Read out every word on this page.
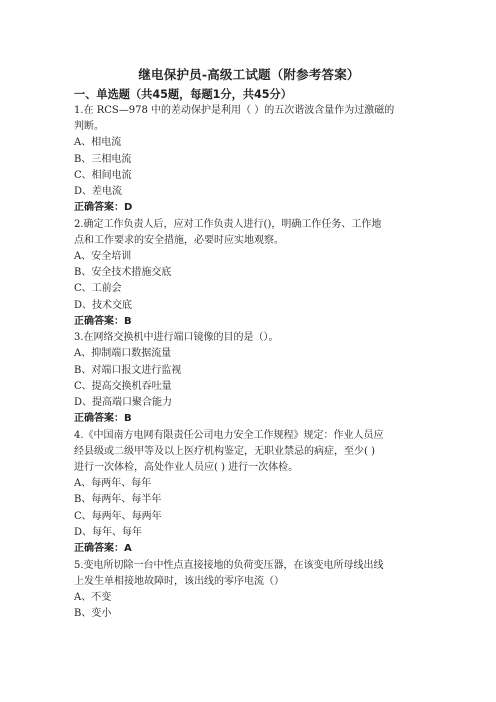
继电保护员-高级工试题（附参考答案）
一、单选题（共45题，每题1分，共45分）

1.在 RCS—978 中的差动保护是利用（ ）的五次谐波含量作为过激磁的

判断。

A、相电流

B、三相电流

C、相间电流

D、差电流

正确答案：D

2.确定工作负责人后，应对工作负责人进行()，明确工作任务、工作地

点和工作要求的安全措施，必要时应实地观察。

A、安全培训

B、安全技术措施交底

C、工前会

D、技术交底

正确答案：B

3.在网络交换机中进行端口镜像的目的是（）。

A、抑制端口数据流量

B、对端口报文进行监视

C、提高交换机吞吐量

D、提高端口聚合能力

正确答案：B

4.《中国南方电网有限责任公司电力安全工作规程》规定：作业人员应

经县级或二级甲等及以上医疗机构鉴定，无职业禁忌的病症，至少( )

进行一次体检，高处作业人员应( ) 进行一次体检。

A、每两年、每年

B、每两年、每半年

C、每两年、每两年

D、每年、每年

正确答案：A

5.变电所切除一台中性点直接接地的负荷变压器，在该变电所母线出线

上发生单相接地故障时，该出线的零序电流（）

A、不变

B、变小
